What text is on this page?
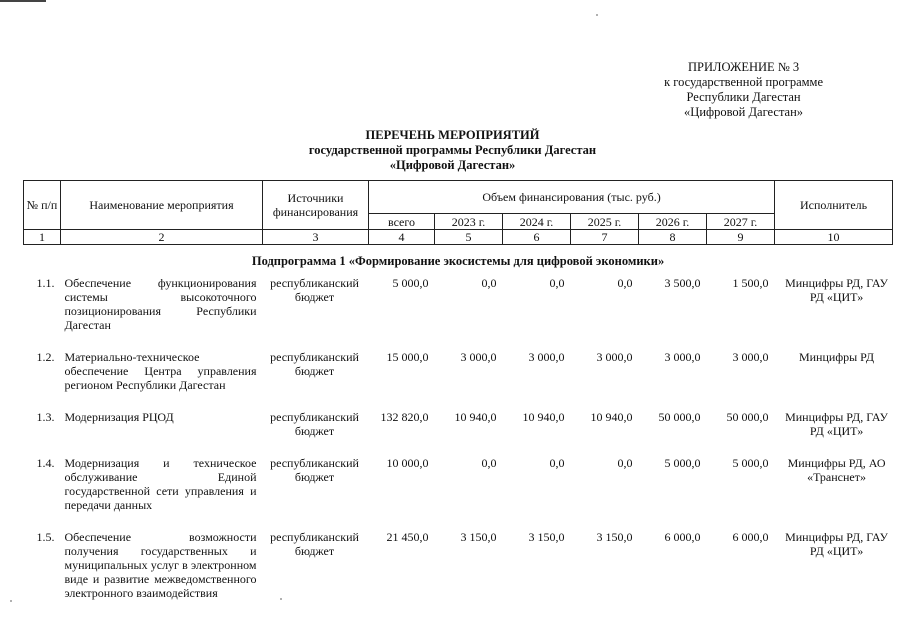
ПРИЛОЖЕНИЕ № 3
к государственной программе
Республики Дагестан
«Цифровой Дагестан»
ПЕРЕЧЕНЬ МЕРОПРИЯТИЙ
государственной программы Республики Дагестан
«Цифровой Дагестан»
№ п/п	Наименование мероприятия	Источники финансирования	Объем финансирования (тыс. руб.)						Исполнитель
			всего	2023 г.	2024 г.	2025 г.	2026 г.	2027 г.	
1	2	3	4	5	6	7	8	9	10
Подпрограмма 1 «Формирование экосистемы для цифровой экономики»									
1.1.	Обеспечение функционирования системы высокоточного позиционирования Республики Дагестан	республиканский бюджет	5 000,0	0,0	0,0	0,0	3 500,0	1 500,0	Минцифры РД, ГАУ РД «ЦИТ»
1.2.	Материально-техническое обеспечение Центра управления регионом Республики Дагестан	республиканский бюджет	15 000,0	3 000,0	3 000,0	3 000,0	3 000,0	3 000,0	Минцифры РД
1.3.	Модернизация РЦОД	республиканский бюджет	132 820,0	10 940,0	10 940,0	10 940,0	50 000,0	50 000,0	Минцифры РД, ГАУ РД «ЦИТ»
1.4.	Модернизация и техническое обслуживание Единой государственной сети управления и передачи данных	республиканский бюджет	10 000,0	0,0	0,0	0,0	5 000,0	5 000,0	Минцифры РД, АО «Транснет»
1.5.	Обеспечение возможности получения государственных и муниципальных услуг в электронном виде и развитие межведомственного электронного взаимодействия	республиканский бюджет	21 450,0	3 150,0	3 150,0	3 150,0	6 000,0	6 000,0	Минцифры РД, ГАУ РД «ЦИТ»
